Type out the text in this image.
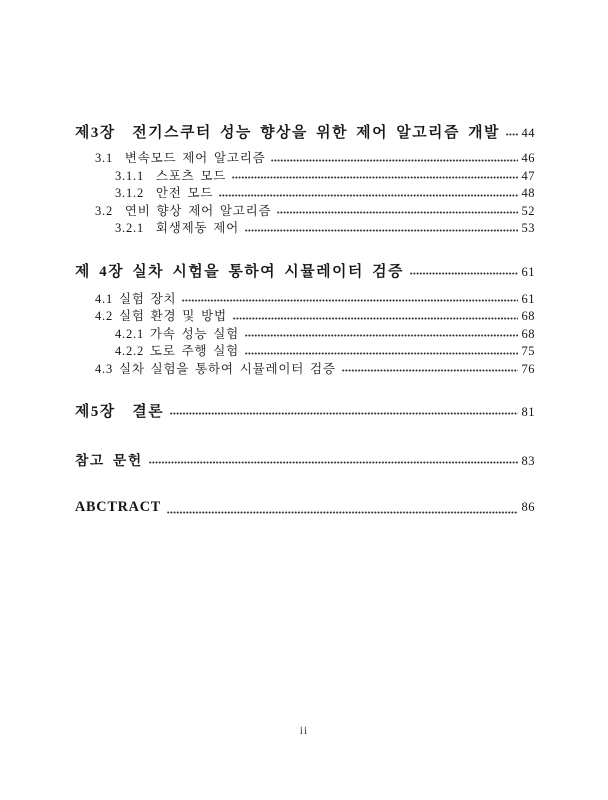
제3장  전기스쿠터 성능 향상을 위한 제어 알고리즘 개발 44
3.1  변속모드 제어 알고리즘	46
3.1.1  스포츠 모드	47
3.1.2  안전 모드	48
3.2  연비 향상 제어 알고리즘	52
3.2.1  회생제동 제어	53
제 4장 실차 시험을 통하여 시뮬레이터 검증	61
4.1 실험 장치	61
4.2 실험 환경 및 방법	68
4.2.1 가속 성능 실험	68
4.2.2 도로 주행 실험	75
4.3 실차 실험을 통하여 시뮬레이터 검증	76
제5장  결론	81
참고 문헌	83
ABCTRACT	86
ii
